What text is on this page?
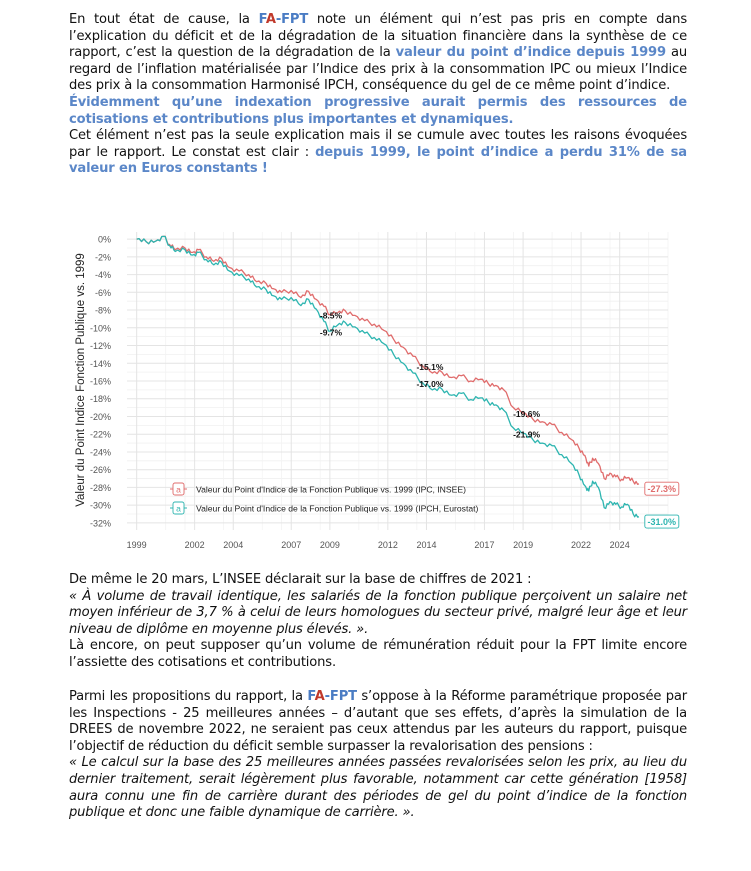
En tout état de cause, la FA-FPT note un élément qui n’est pas pris en compte dans l’explication du déficit et de la dégradation de la situation financière dans la synthèse de ce rapport, c’est la question de la dégradation de la valeur du point d’indice depuis 1999 au regard de l’inflation matérialisée par l’Indice des prix à la consommation IPC ou mieux l’Indice des prix à la consommation Harmonisé IPCH, conséquence du gel de ce même point d’indice.

Évidemment qu’une indexation progressive aurait permis des ressources de cotisations et contributions plus importantes et dynamiques.

Cet élément n’est pas la seule explication mais il se cumule avec toutes les raisons évoquées par le rapport. Le constat est clair : depuis 1999, le point d’indice a perdu 31% de sa valeur en Euros constants !

0%
-2%
-4%
-6%
-8%
-10%
-12%
-14%
-16%
-18%
-20%
-22%
-24%
-26%
-28%
-30%
-32%
1999	2002 2004	2007 2009	2012 2014	2017 2019	2022 2024
Valeur du Point Indice Fonction Publique vs. 1999	-8.5%
-9.7%
-15.1%
-17.0%
-19.6%
-21.9%
-27.3%
-31.0%
a Valeur du Point d'Indice de la Fonction Publique vs. 1999 (IPC, INSEE)
a Valeur du Point d'Indice de la Fonction Publique vs. 1999 (IPCH, Eurostat)

De même le 20 mars, L’INSEE déclarait sur la base de chiffres de 2021 :

« À volume de travail identique, les salariés de la fonction publique perçoivent un salaire net moyen inférieur de 3,7 % à celui de leurs homologues du secteur privé, malgré leur âge et leur niveau de diplôme en moyenne plus élevés. ».

Là encore, on peut supposer qu’un volume de rémunération réduit pour la FPT limite encore l’assiette des cotisations et contributions.

Parmi les propositions du rapport, la FA-FPT s’oppose à la Réforme paramétrique proposée par les Inspections - 25 meilleures années – d’autant que ses effets, d’après la simulation de la DREES de novembre 2022, ne seraient pas ceux attendus par les auteurs du rapport, puisque l’objectif de réduction du déficit semble surpasser la revalorisation des pensions :

« Le calcul sur la base des 25 meilleures années passées revalorisées selon les prix, au lieu du dernier traitement, serait légèrement plus favorable, notamment car cette génération [1958] aura connu une fin de carrière durant des périodes de gel du point d’indice de la fonction publique et donc une faible dynamique de carrière. ».
